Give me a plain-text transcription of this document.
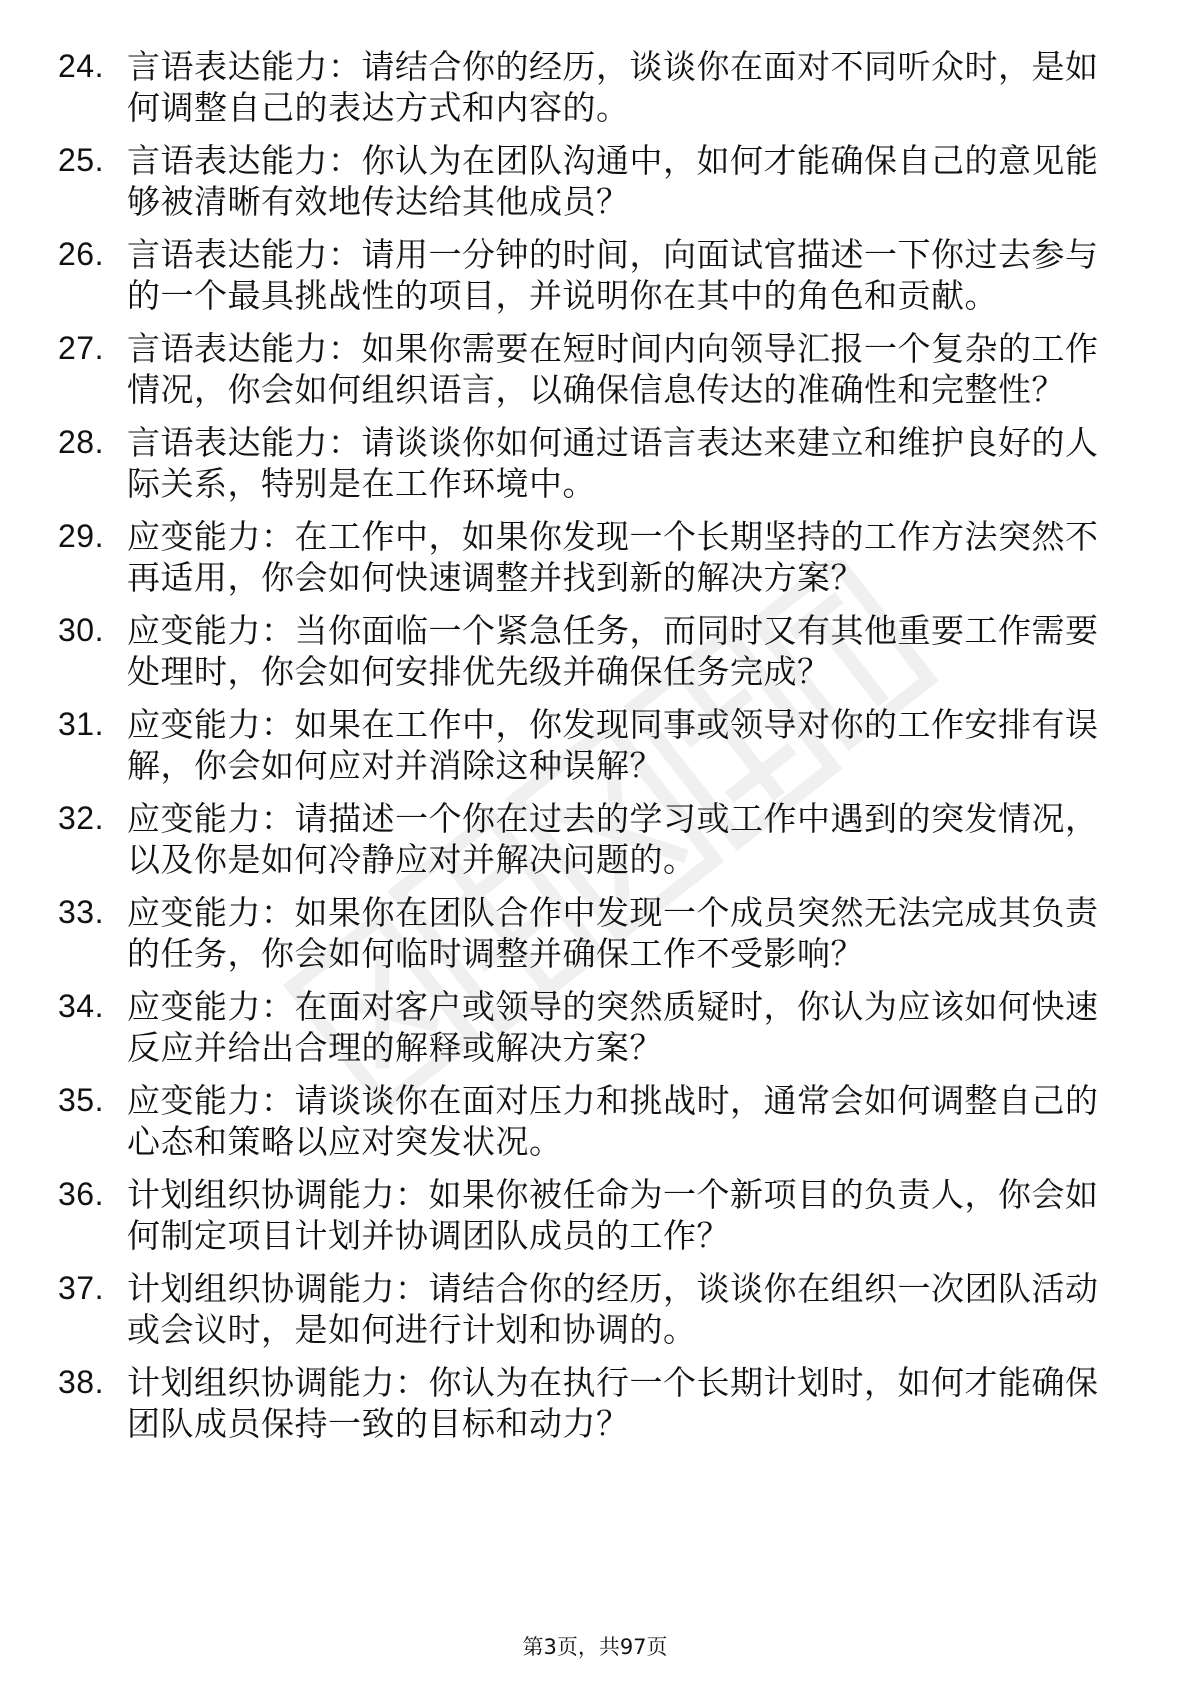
24. 言语表达能力：请结合你的经历，谈谈你在面对不同听众时，是如何调整自己的表达方式和内容的。
25. 言语表达能力：你认为在团队沟通中，如何才能确保自己的意见能够被清晰有效地传达给其他成员？
26. 言语表达能力：请用一分钟的时间，向面试官描述一下你过去参与的一个最具挑战性的项目，并说明你在其中的角色和贡献。
27. 言语表达能力：如果你需要在短时间内向领导汇报一个复杂的工作情况，你会如何组织语言，以确保信息传达的准确性和完整性？
28. 言语表达能力：请谈谈你如何通过语言表达来建立和维护良好的人际关系，特别是在工作环境中。
29. 应变能力：在工作中，如果你发现一个长期坚持的工作方法突然不再适用，你会如何快速调整并找到新的解决方案？
30. 应变能力：当你面临一个紧急任务，而同时又有其他重要工作需要处理时，你会如何安排优先级并确保任务完成？
31. 应变能力：如果在工作中，你发现同事或领导对你的工作安排有误解，你会如何应对并消除这种误解？
32. 应变能力：请描述一个你在过去的学习或工作中遇到的突发情况，以及你是如何冷静应对并解决问题的。
33. 应变能力：如果你在团队合作中发现一个成员突然无法完成其负责的任务，你会如何临时调整并确保工作不受影响？
34. 应变能力：在面对客户或领导的突然质疑时，你认为应该如何快速反应并给出合理的解释或解决方案？
35. 应变能力：请谈谈你在面对压力和挑战时，通常会如何调整自己的心态和策略以应对突发状况。
36. 计划组织协调能力：如果你被任命为一个新项目的负责人，你会如何制定项目计划并协调团队成员的工作？
37. 计划组织协调能力：请结合你的经历，谈谈你在组织一次团队活动或会议时，是如何进行计划和协调的。
38. 计划组织协调能力：你认为在执行一个长期计划时，如何才能确保团队成员保持一致的目标和动力？
第3页，共97页
